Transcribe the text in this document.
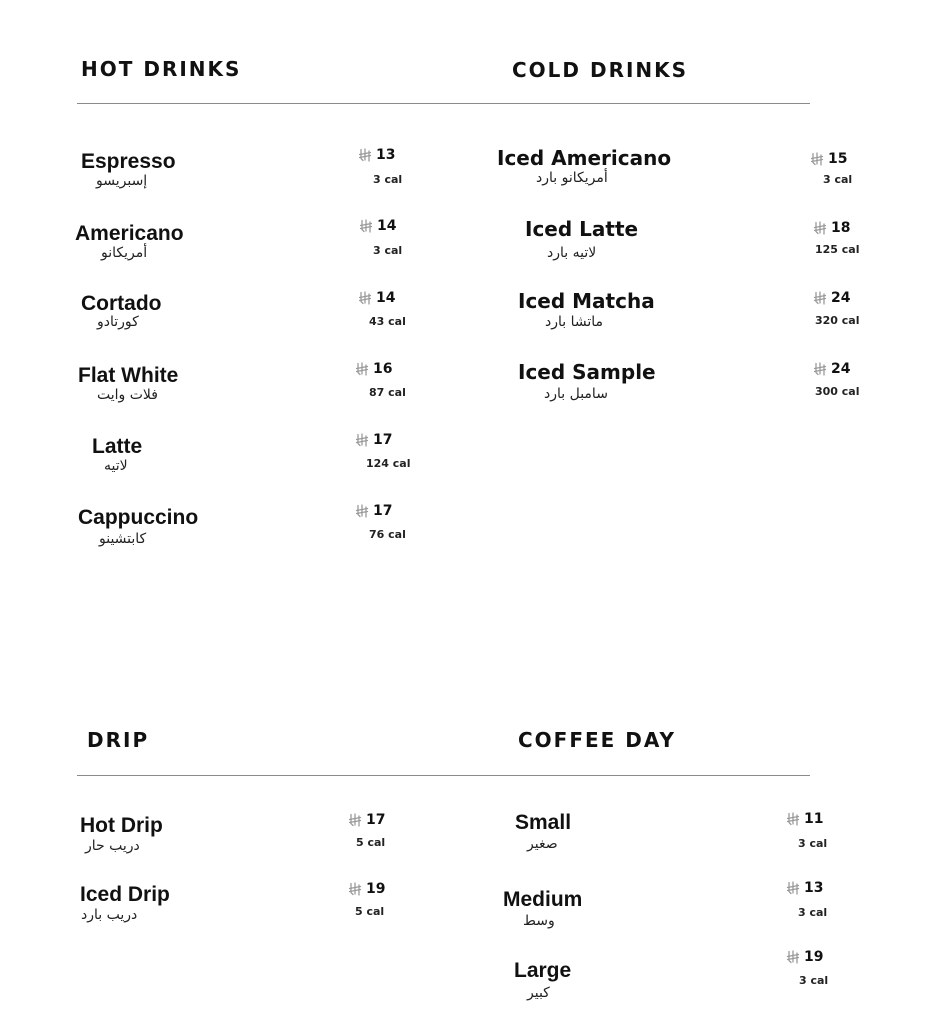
HOT DRINKS	COLD DRINKS
DRIP	COFFEE DAY
Espresso
إسبريسو
13
3 cal
Americano
أمريكانو
14
3 cal
Cortado
كورتادو
14
43 cal
Flat White
فلات وايت
16
87 cal
Latte
لاتيه
17
124 cal
Cappuccino
كابتشينو
17
76 cal
Iced Americano
أمريكانو بارد
15
3 cal
Iced Latte
لاتيه بارد
18
125 cal
Iced Matcha
ماتشا بارد
24
320 cal
Iced Sample
سامبل بارد
24
300 cal
Hot Drip
دريب حار
17
5 cal
Iced Drip
دريب بارد
19
5 cal
Small
صغير
11
3 cal
Medium
وسط
13
3 cal
Large
كبير
19
3 cal
